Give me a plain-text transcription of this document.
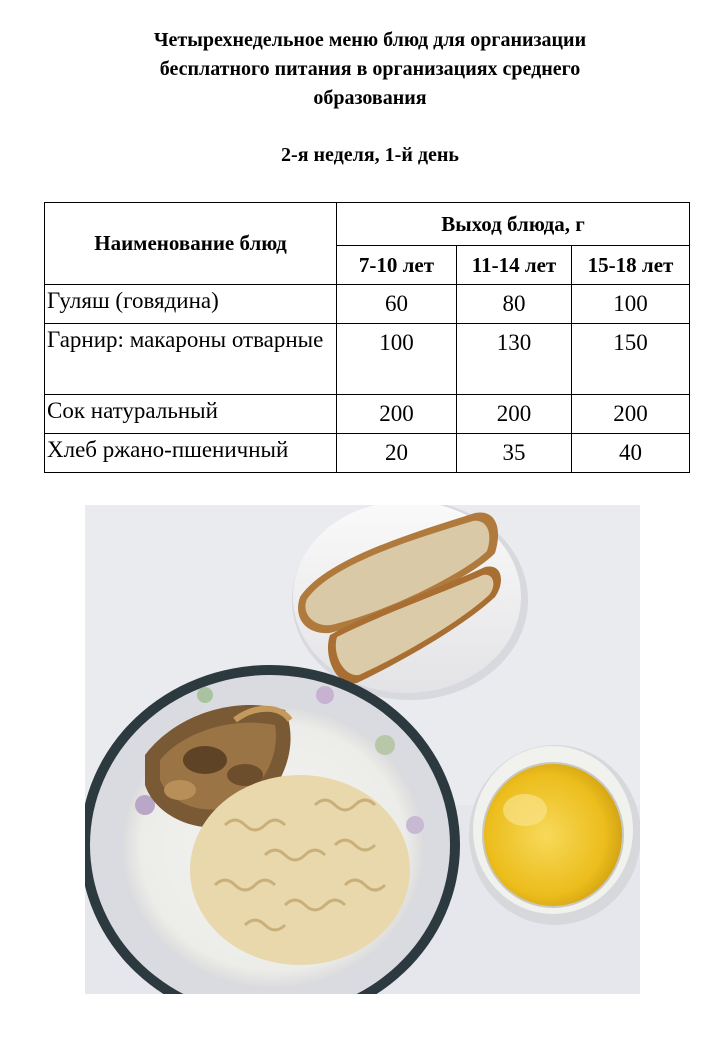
Четырехнедельное меню блюд для организации
бесплатного питания в организациях среднего
образования
2-я неделя, 1-й день
Наименование блюд	Выход блюда, г		
	7-10 лет	11-14 лет	15-18 лет
Гуляш (говядина)	60	80	100
Гарнир: макароны отварные	100	130	150
Сок натуральный	200	200	200
Хлеб ржано-пшеничный	20	35	40
